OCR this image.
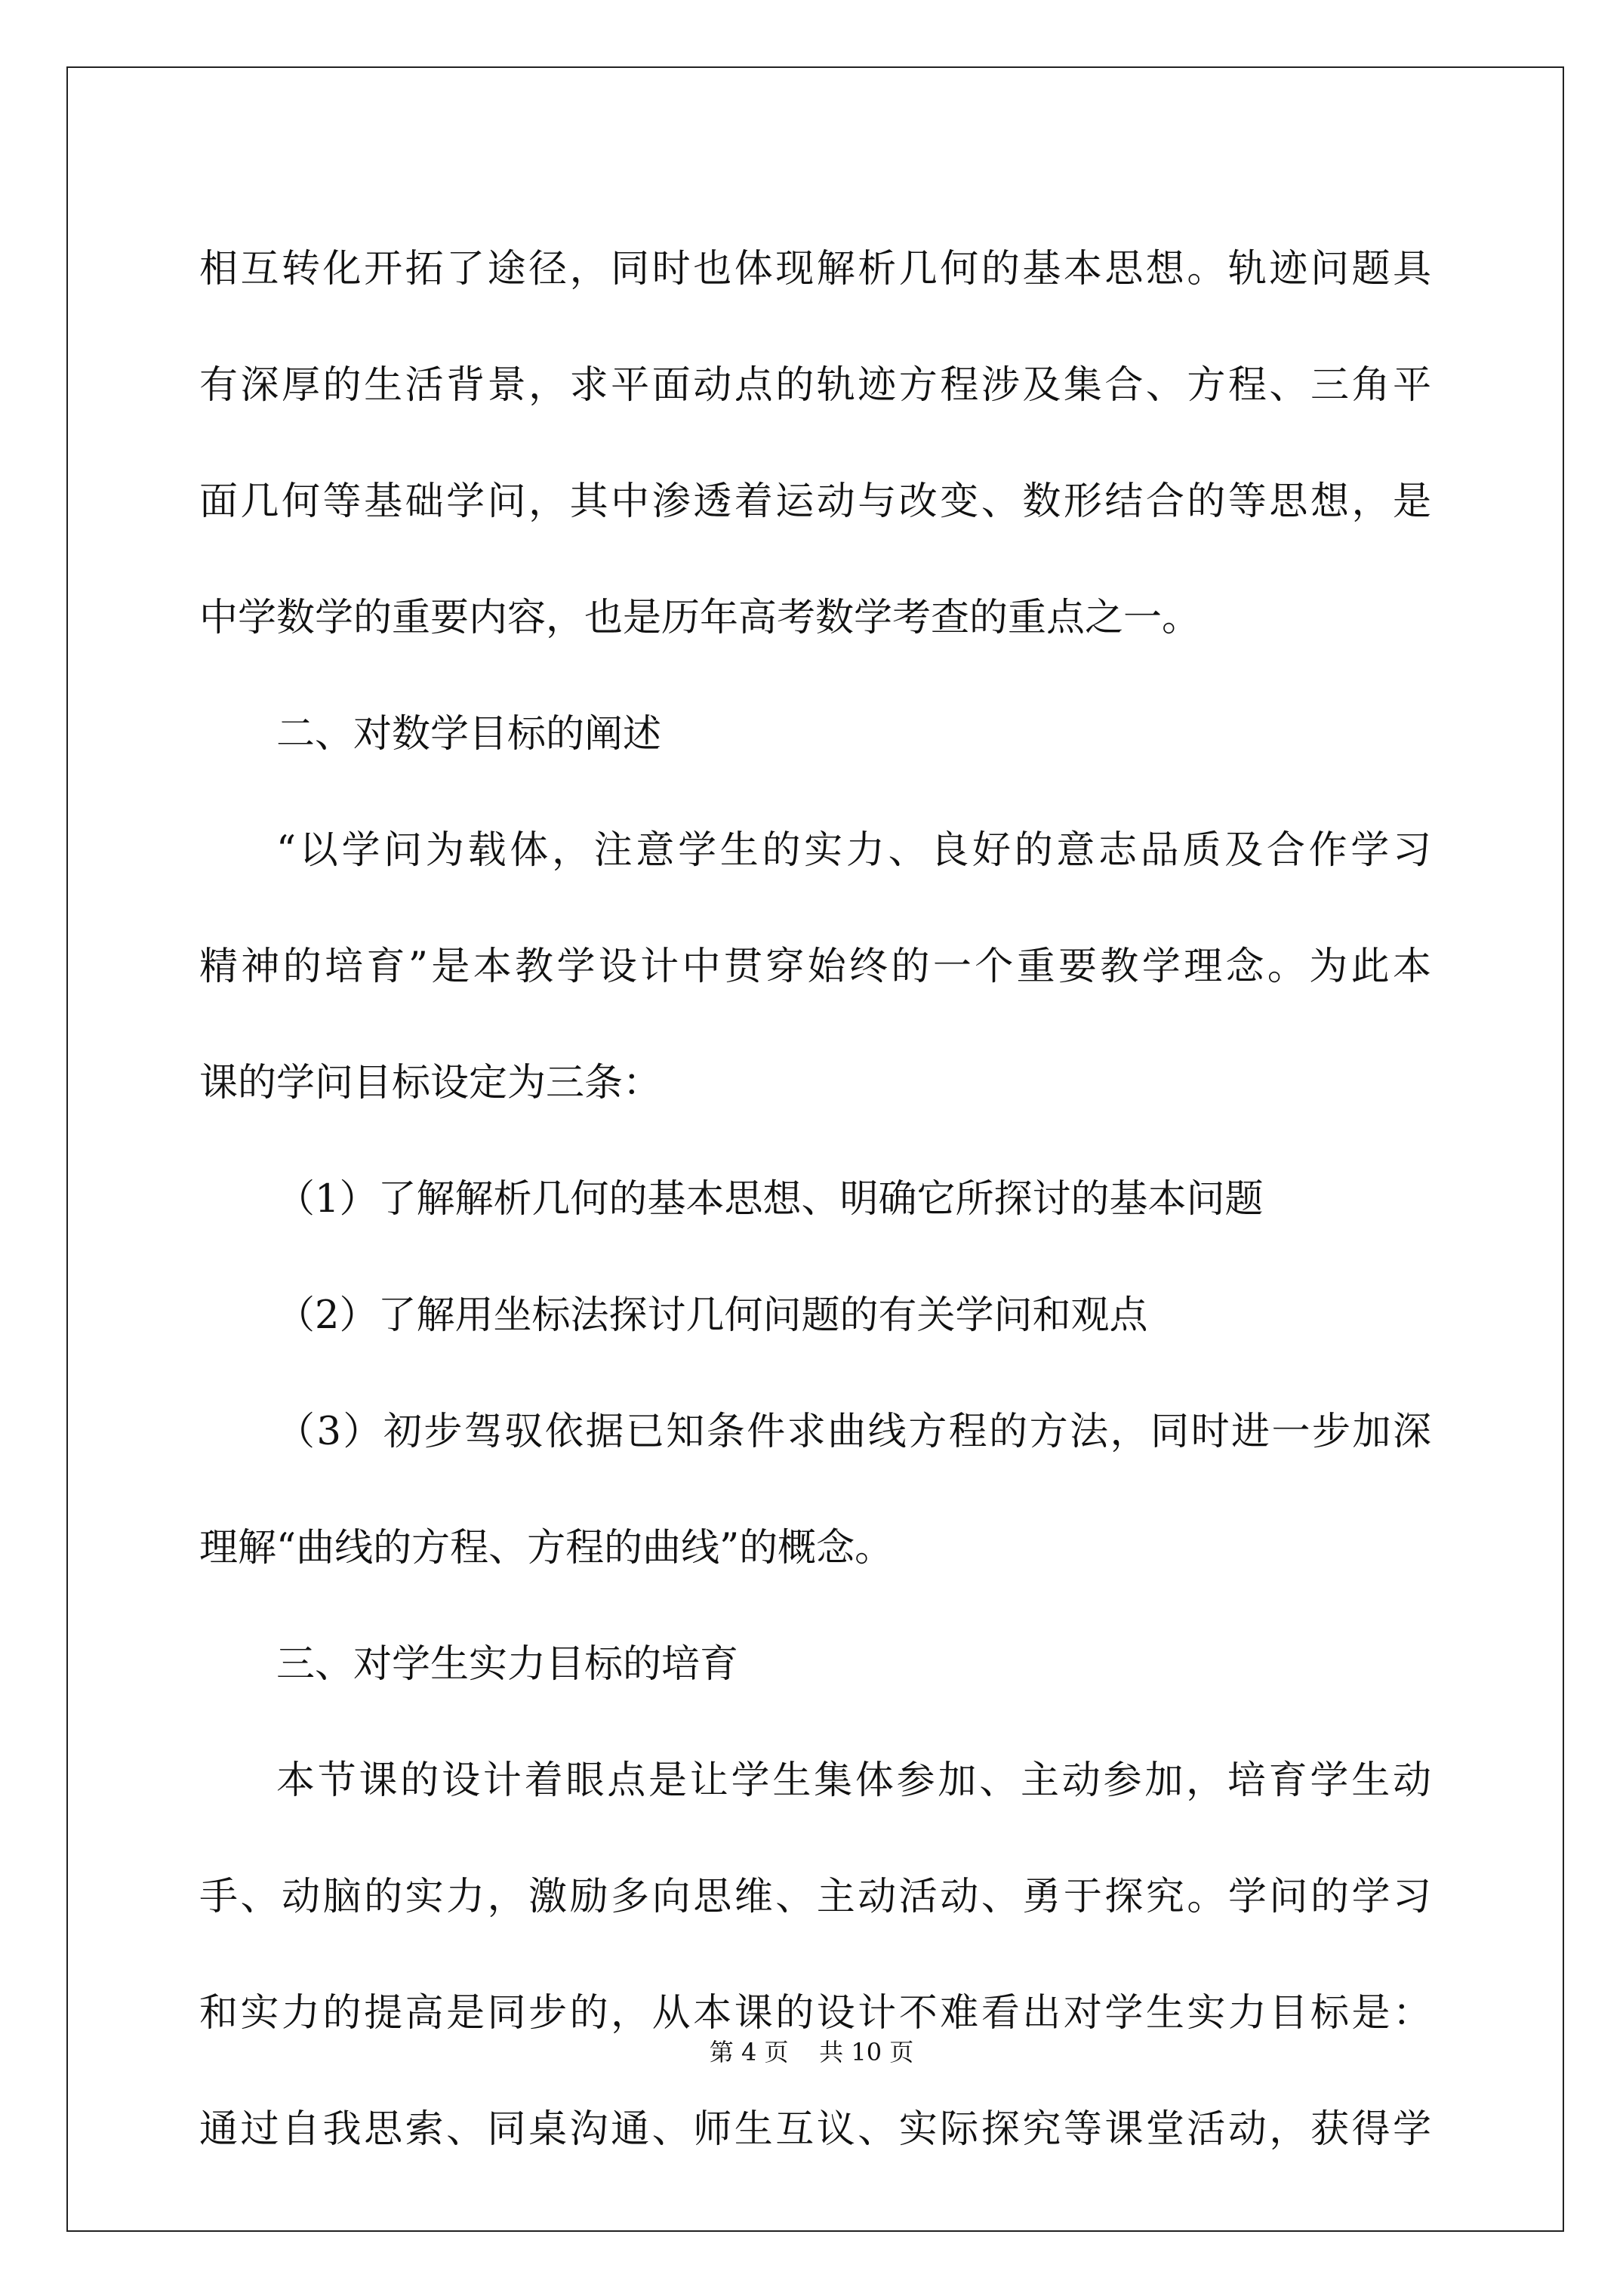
相互转化开拓了途径，同时也体现解析几何的基本思想。轨迹问题具

有深厚的生活背景，求平面动点的轨迹方程涉及集合、方程、三角平

面几何等基础学问，其中渗透着运动与改变、数形结合的等思想，是

中学数学的重要内容，也是历年高考数学考查的重点之一。

二、对数学目标的阐述

“以学问为载体，注意学生的实力、良好的意志品质及合作学习

精神的培育”是本教学设计中贯穿始终的一个重要教学理念。为此本

课的学问目标设定为三条：

（1）了解解析几何的基本思想、明确它所探讨的基本问题

（2）了解用坐标法探讨几何问题的有关学问和观点

（3）初步驾驭依据已知条件求曲线方程的方法，同时进一步加深

理解“曲线的方程、方程的曲线”的概念。

三、对学生实力目标的培育

本节课的设计着眼点是让学生集体参加、主动参加，培育学生动

手、动脑的实力，激励多向思维、主动活动、勇于探究。学问的学习

和实力的提高是同步的，从本课的设计不难看出对学生实力目标是：

通过自我思索、同桌沟通、师生互议、实际探究等课堂活动，获得学

第 4 页    共 10 页
